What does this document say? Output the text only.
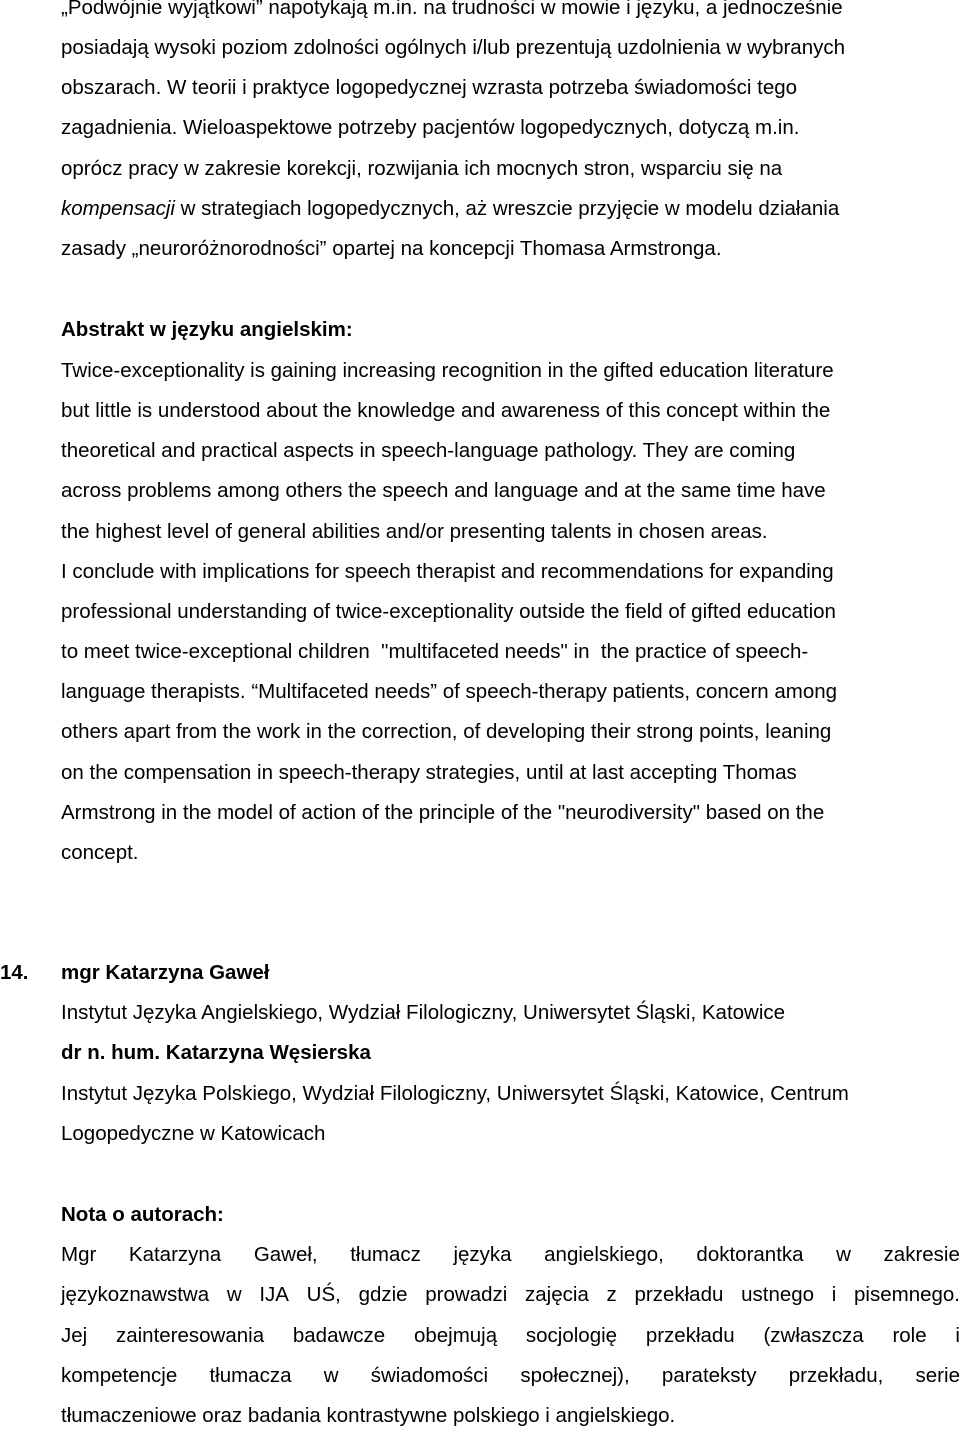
„Podwójnie wyjątkowi” napotykają m.in. na trudności w mowie i języku, a jednocześnie
posiadają wysoki poziom zdolności ogólnych i/lub prezentują uzdolnienia w wybranych
obszarach. W teorii i praktyce logopedycznej wzrasta potrzeba świadomości tego
zagadnienia. Wieloaspektowe potrzeby pacjentów logopedycznych, dotyczą m.in.
oprócz pracy w zakresie korekcji, rozwijania ich mocnych stron, wsparciu się na
kompensacji w strategiach logopedycznych, aż wreszcie przyjęcie w modelu działania
zasady „neuroróżnorodności” opartej na koncepcji Thomasa Armstronga.
Abstrakt w języku angielskim:
Twice-exceptionality is gaining increasing recognition in the gifted education literature
but little is understood about the knowledge and awareness of this concept within the
theoretical and practical aspects in speech-language pathology. They are coming
across problems among others the speech and language and at the same time have
the highest level of general abilities and/or presenting talents in chosen areas.
I conclude with implications for speech therapist and recommendations for expanding
professional understanding of twice-exceptionality outside the field of gifted education
to meet twice-exceptional children  "multifaceted needs" in  the practice of speech-
language therapists. “Multifaceted needs” of speech-therapy patients, concern among
others apart from the work in the correction, of developing their strong points, leaning
on the compensation in speech-therapy strategies, until at last accepting Thomas
Armstrong in the model of action of the principle of the "neurodiversity" based on the
concept.
14. mgr Katarzyna Gaweł
Instytut Języka Angielskiego, Wydział Filologiczny, Uniwersytet Śląski, Katowice
dr n. hum. Katarzyna Węsierska
Instytut Języka Polskiego, Wydział Filologiczny, Uniwersytet Śląski, Katowice, Centrum
Logopedyczne w Katowicach
Nota o autorach:
Mgr Katarzyna Gaweł, tłumacz języka angielskiego, doktorantka w zakresie
językoznawstwa w IJA UŚ, gdzie prowadzi zajęcia z przekładu ustnego i pisemnego.
Jej zainteresowania badawcze obejmują socjologię przekładu (zwłaszcza role i
kompetencje tłumacza w świadomości społecznej), parateksty przekładu, serie
tłumaczeniowe oraz badania kontrastywne polskiego i angielskiego.
